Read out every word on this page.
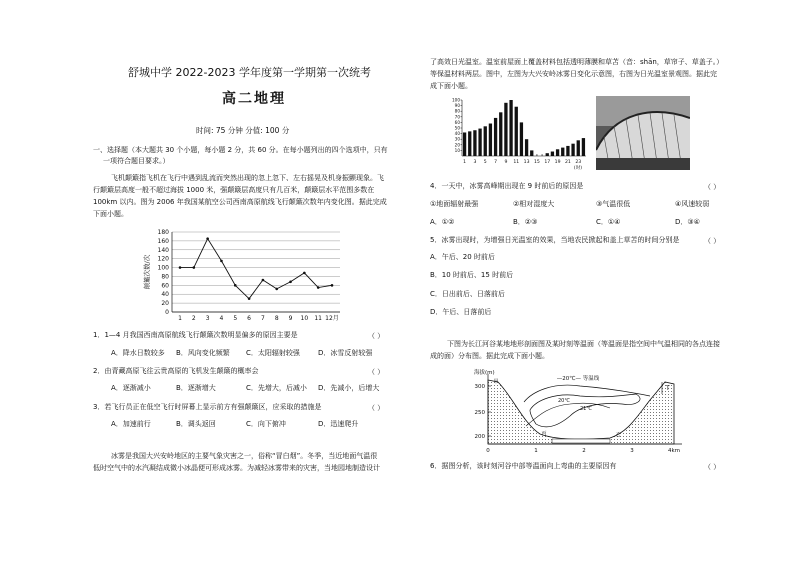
舒城中学 2022-2023 学年度第一学期第一次统考
高二地理
时间: 75 分钟 分值: 100 分
一、选择题（本大题共 30 个小题，每小题 2 分，共 60 分。在每小题列出的四个选项中，只有
一项符合题目要求。）
飞机颠簸指飞机在飞行中遇到乱流而突然出现的忽上忽下、左右摇晃及机身振颤现象。飞
行颠簸层高度一般不超过海拔 1000 米，强颠簸层高度只有几百米，颠簸层水平范围多数在
100km 以内。图为 2006 年我国某航空公司西南高原航线飞行颠簸次数年内变化图。据此完成
下面小题。
0
20
40
60
80
100
120
140
160
180
颠簸次数/次
1 2 3 4 5 6 7 8 9 10 11 12月
1．1—4 月我国西南高原航线飞行颠簸次数明显偏多的原因主要是	（ ）
A．降水日数较多 B．风向变化频繁 C．太阳辐射较强	D．冰雪反射较强
2．由青藏高原飞往云贵高原的飞机发生颠簸的概率会	（ ）
A．逐渐减小	B．逐渐增大	C．先增大，后减小 D．先减小，后增大
3．若飞行员正在低空飞行时屏幕上显示前方有强颠簸区，应采取的措施是	（ ）
A．加速前行	B．调头返回	C．向下俯冲	D．迅速爬升
冰雾是我国大兴安岭地区的主要气象灾害之一，俗称“冒白烟”。冬季，当近地面气温很
低时空气中的水汽凝结成微小冰晶便可形成冰雾。为减轻冰雾带来的灾害，当地园地制造设计
了高效日光温室。温室前屋面上覆盖材料包括透明薄膜和草苫（音：shān，草帘子、草盖子。）
等保温材料两层。图中，左图为大兴安岭冰雾日变化示意图，右图为日光温室景观图。据此完
成下面小题。
10
20
30
40
50
60
70
80
90
100
1 3 5 7 9 11 13 15 17 19 21 23
(时)
4．一天中，冰雾高峰期出现在 9 时前后的原因是	（ ）
①地面辐射最强	②相对湿度大	③气温很低	④风速较弱
A．①②	B．②③	C．①④	D．③④
5．冰雾出现时，为增强日光温室的效果，当地农民掀起和盖上草苫的时间分别是	（ ）
A．午后、20 时前后
B．10 时前后、15 时前后
C．日出前后、日落前后
D．午后、日落前后
下图为长江河谷某地地形剖面图及某时刻等温面（等温面是指空间中气温相同的各点连接
成的面）分布图。据此完成下面小题。
海拔(m)
200
250
300
0	1	2	3	4km
—20℃— 等温线
20℃
21℃
甲
丙	乙
T
6．据图分析，该时刻河谷中部等温面向上弯曲的主要原因有	（ ）
